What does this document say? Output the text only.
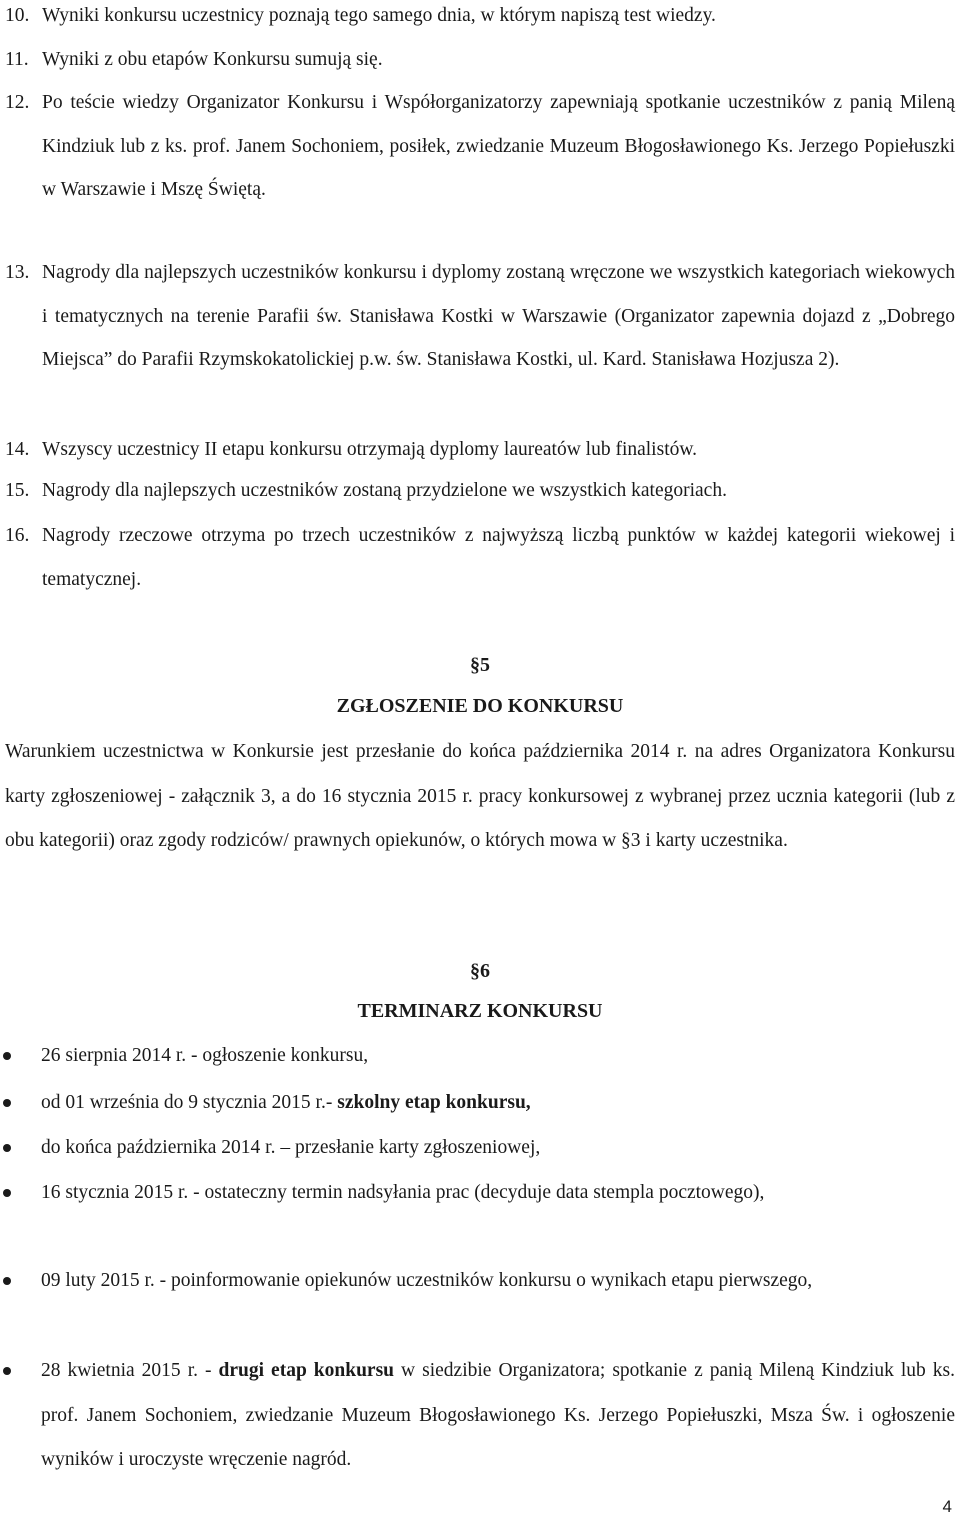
10. Wyniki konkursu uczestnicy poznają tego samego dnia, w którym napiszą test wiedzy.
11. Wyniki z obu etapów Konkursu sumują się.
12. Po teście wiedzy Organizator Konkursu i Współorganizatorzy zapewniają spotkanie uczestników z panią Mileną Kindziuk lub z ks. prof. Janem Sochoniem, posiłek, zwiedzanie Muzeum Błogosławionego Ks. Jerzego Popiełuszki w Warszawie i Mszę Świętą.
13. Nagrody dla najlepszych uczestników konkursu i dyplomy zostaną wręczone we wszystkich kategoriach wiekowych i tematycznych na terenie Parafii św. Stanisława Kostki w Warszawie (Organizator zapewnia dojazd z „Dobrego Miejsca” do Parafii Rzymskokatolickiej p.w. św. Stanisława Kostki, ul. Kard. Stanisława Hozjusza 2).
14. Wszyscy uczestnicy II etapu konkursu otrzymają dyplomy laureatów lub finalistów.
15. Nagrody dla najlepszych uczestników zostaną przydzielone we wszystkich kategoriach.
16. Nagrody rzeczowe otrzyma po trzech uczestników z najwyższą liczbą punktów w każdej kategorii wiekowej i tematycznej.
§5
ZGŁOSZENIE DO KONKURSU
Warunkiem uczestnictwa w Konkursie jest przesłanie do końca października 2014 r. na adres Organizatora Konkursu karty zgłoszeniowej - załącznik 3, a do 16 stycznia 2015 r. pracy konkursowej z wybranej przez ucznia kategorii (lub z obu kategorii) oraz zgody rodziców/ prawnych opiekunów, o których mowa w §3 i karty uczestnika.
§6
TERMINARZ KONKURSU
26 sierpnia 2014 r. - ogłoszenie konkursu,
od 01 września do 9 stycznia 2015 r.- szkolny etap konkursu,
do końca października 2014 r. – przesłanie karty zgłoszeniowej,
16 stycznia 2015 r. - ostateczny termin nadsyłania prac (decyduje data stempla pocztowego),
09 luty 2015 r. - poinformowanie opiekunów uczestników konkursu o wynikach etapu pierwszego,
28 kwietnia 2015 r. - drugi etap konkursu w siedzibie Organizatora; spotkanie z panią Mileną Kindziuk lub ks. prof. Janem Sochoniem, zwiedzanie Muzeum Błogosławionego Ks. Jerzego Popiełuszki, Msza Św. i ogłoszenie wyników i uroczyste wręczenie nagród.
4
